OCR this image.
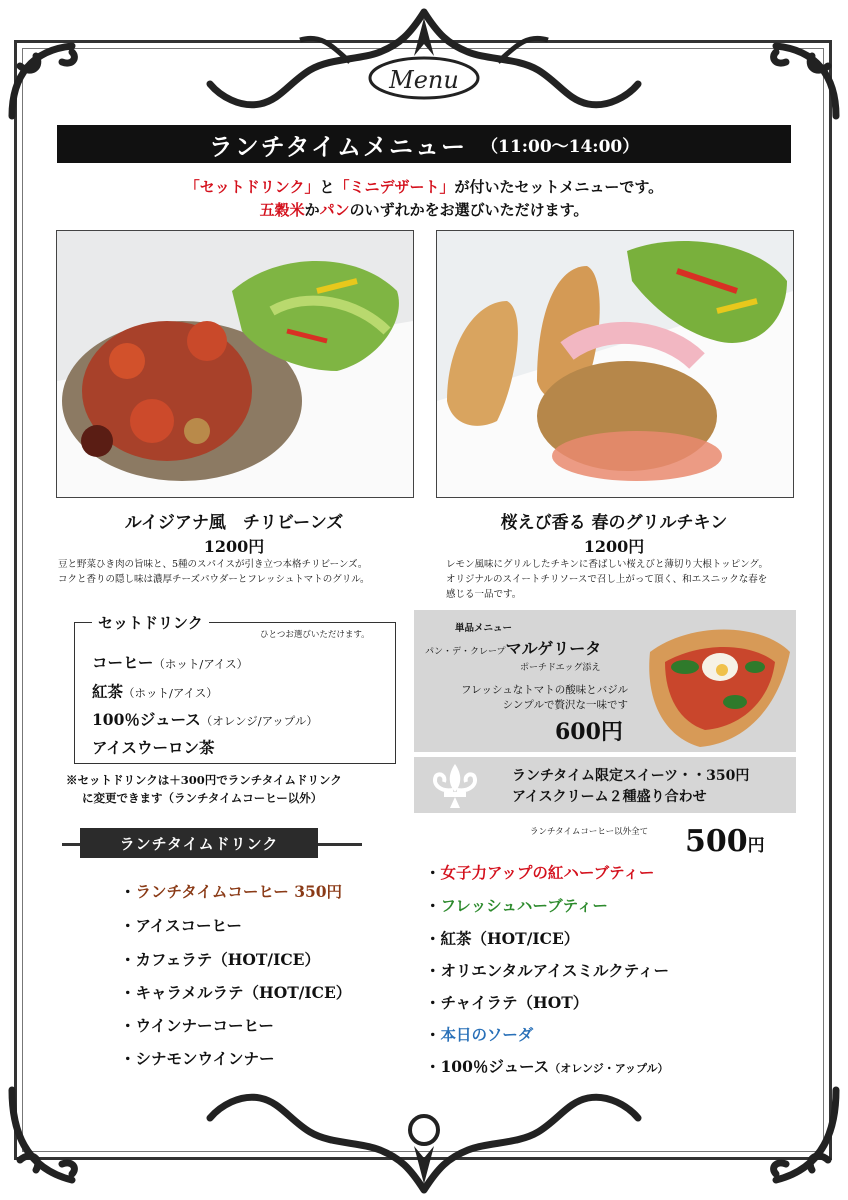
Menu
ランチタイムメニュー （11:00～14:00）
「セットドリンク」と「ミニデザート」が付いたセットメニューです。
五穀米かパンのいずれかをお選びいただけます。
ルイジアナ風　チリビーンズ
1200円
豆と野菜ひき肉の旨味と、5種のスパイスが引き立つ本格チリビーンズ。
コクと香りの隠し味は濃厚チーズパウダーとフレッシュトマトのグリル。
桜えび香る 春のグリルチキン
1200円
レモン風味にグリルしたチキンに香ばしい桜えびと薄切り大根トッピング。
オリジナルのスイートチリソースで召し上がって頂く、和エスニックな春を
感じる一品です。
セットドリンク
ひとつお選びいただけます。
コーヒー（ホット/アイス）
紅茶（ホット/アイス）
100％ジュース（オレンジ/アップル）
アイスウーロン茶
※セットドリンクは＋300円でランチタイムドリンク
に変更できます（ランチタイムコーヒー以外）
単品メニュー
パン・デ・クレープマルゲリータ
ポーチドエッグ添え
フレッシュなトマトの酸味とバジル
シンプルで贅沢な一味です
600円
ランチタイム限定スイーツ・・350円
アイスクリーム２種盛り合わせ
ランチタイムドリンク
ランチタイムコーヒー以外全て 500円
・ランチタイムコーヒー 350円
・アイスコーヒー
・カフェラテ（HOT/ICE）
・キャラメルラテ（HOT/ICE）
・ウインナーコーヒー
・シナモンウインナー
・女子力アップの紅ハーブティー
・フレッシュハーブティー
・紅茶（HOT/ICE）
・オリエンタルアイスミルクティー
・チャイラテ（HOT）
・本日のソーダ
・100％ジュース（オレンジ・アップル）
